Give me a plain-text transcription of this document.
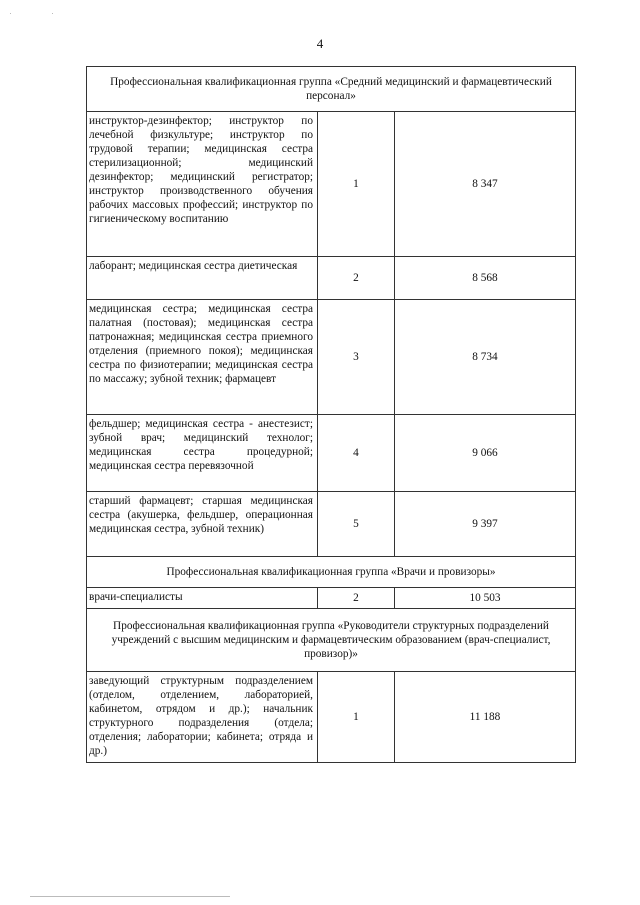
4
Профессиональная квалификационная группа «Средний медицинский и фармацевтический персонал»		
инструктор-дезинфектор; инструктор по лечебной физкультуре; инструктор по трудовой терапии; медицинская сестра стерилизационной; медицинский дезинфектор; медицинский регистратор; инструктор производственного обучения рабочих массовых профессий; инструктор по гигиеническому воспитанию	1	8 347
лаборант; медицинская сестра диетическая	2	8 568
медицинская сестра; медицинская сестра палатная (постовая); медицинская сестра патронажная; медицинская сестра приемного отделения (приемного покоя); медицинская сестра по физиотерапии; медицинская сестра по массажу; зубной техник; фармацевт	3	8 734
фельдшер; медицинская сестра - анестезист; зубной врач; медицинский технолог; медицинская сестра процедурной; медицинская сестра перевязочной	4	9 066
старший фармацевт; старшая медицинская сестра (акушерка, фельдшер, операционная медицинская сестра, зубной техник)	5	9 397
Профессиональная квалификационная группа «Врачи и провизоры»		
врачи-специалисты	2	10 503
Профессиональная квалификационная группа «Руководители структурных подразделений учреждений с высшим медицинским и фармацевтическим образованием (врач-специалист, провизор)»		
заведующий структурным подразделением (отделом, отделением, лабораторией, кабинетом, отрядом и др.); начальник структурного подразделения (отдела; отделения; лаборатории; кабинета; отряда и др.)	1	11 188
